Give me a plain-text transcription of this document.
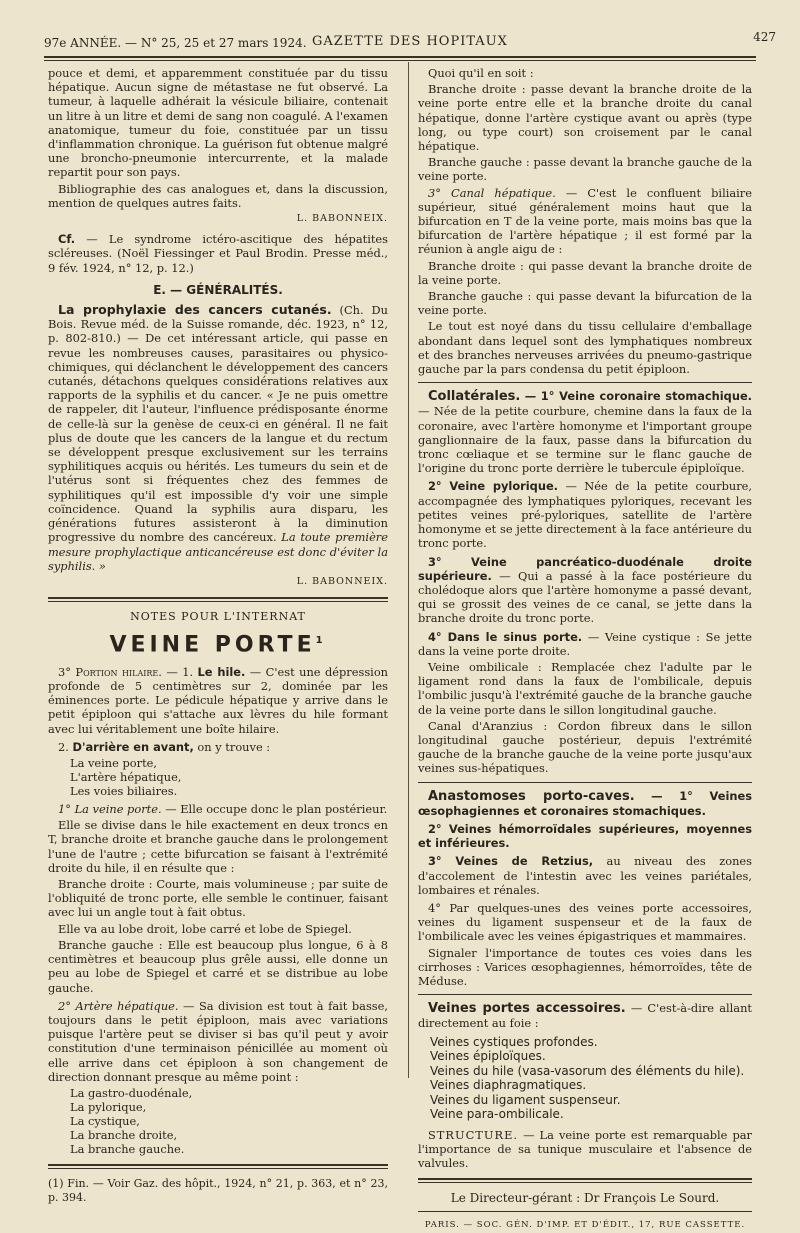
97e ANNÉE. — N° 25, 25 et 27 mars 1924. GAZETTE DES HOPITAUX	427

pouce et demi, et apparemment constituée par du tissu hépatique. Aucun signe de métastase ne fut observé. La tumeur, à laquelle adhérait la vésicule biliaire, contenait un litre à un litre et demi de sang non coagulé. A l'examen anatomique, tumeur du foie, constituée par un tissu d'inflammation chronique. La guérison fut obtenue malgré une broncho-pneumonie intercurrente, et la malade repartit pour son pays.

Bibliographie des cas analogues et, dans la discussion, mention de quelques autres faits.

L. BABONNEIX.

Cf. — Le syndrome ictéro-ascitique des hépatites scléreuses. (Noël Fiessinger et Paul Brodin. Presse méd., 9 fév. 1924, n° 12, p. 12.)

E. — GÉNÉRALITÉS.

La prophylaxie des cancers cutanés. (Ch. Du Bois. Revue méd. de la Suisse romande, déc. 1923, n° 12, p. 802-810.) — De cet intéressant article, qui passe en revue les nombreuses causes, parasitaires ou physico-chimiques, qui déclanchent le développement des cancers cutanés, détachons quelques considérations relatives aux rapports de la syphilis et du cancer. « Je ne puis omettre de rappeler, dit l'auteur, l'influence prédisposante énorme de celle-là sur la genèse de ceux-ci en général. Il ne fait plus de doute que les cancers de la langue et du rectum se développent presque exclusivement sur les terrains syphilitiques acquis ou hérités. Les tumeurs du sein et de l'utérus sont si fréquentes chez des femmes de syphilitiques qu'il est impossible d'y voir une simple coïncidence. Quand la syphilis aura disparu, les générations futures assisteront à la diminution progressive du nombre des cancéreux. La toute première mesure prophylactique anticancéreuse est donc d'éviter la syphilis. »

L. BABONNEIX.
NOTES POUR L'INTERNAT
VEINE PORTE$^1$

3° Portion hilaire. — 1. Le hile. — C'est une dépression profonde de 5 centimètres sur 2, dominée par les éminences porte. Le pédicule hépatique y arrive dans le petit épiploon qui s'attache aux lèvres du hile formant avec lui véritablement une boîte hilaire.

2. D'arrière en avant, on y trouve :

La veine porte,
L'artère hépatique,
Les voies biliaires.

1° La veine porte. — Elle occupe donc le plan postérieur.

Elle se divise dans le hile exactement en deux troncs en T, branche droite et branche gauche dans le prolongement l'une de l'autre ; cette bifurcation se faisant à l'extrémité droite du hile, il en résulte que :

Branche droite : Courte, mais volumineuse ; par suite de l'obliquité de tronc porte, elle semble le continuer, faisant avec lui un angle tout à fait obtus.

Elle va au lobe droit, lobe carré et lobe de Spiegel.

Branche gauche : Elle est beaucoup plus longue, 6 à 8 centimètres et beaucoup plus grêle aussi, elle donne un peu au lobe de Spiegel et carré et se distribue au lobe gauche.

2° Artère hépatique. — Sa division est tout à fait basse, toujours dans le petit épiploon, mais avec variations puisque l'artère peut se diviser si bas qu'il peut y avoir constitution d'une terminaison pénicillée au moment où elle arrive dans cet épiploon à son changement de direction donnant presque au même point :

La gastro-duodénale,
La pylorique,
La cystique,
La branche droite,
La branche gauche.
(1) Fin. — Voir Gaz. des hôpit., 1924, n° 21, p. 363, et n° 23, p. 394.

Quoi qu'il en soit :

Branche droite : passe devant la branche droite de la veine porte entre elle et la branche droite du canal hépatique, donne l'artère cystique avant ou après (type long, ou type court) son croisement par le canal hépatique.

Branche gauche : passe devant la branche gauche de la veine porte.

3° Canal hépatique. — C'est le confluent biliaire supérieur, situé généralement moins haut que la bifurcation en T de la veine porte, mais moins bas que la bifurcation de l'artère hépatique ; il est formé par la réunion à angle aigu de :

Branche droite : qui passe devant la branche droite de la veine porte.

Branche gauche : qui passe devant la bifurcation de la veine porte.

Le tout est noyé dans du tissu cellulaire d'emballage abondant dans lequel sont des lymphatiques nombreux et des branches nerveuses arrivées du pneumo-gastrique gauche par la pars condensa du petit épiploon.

Collatérales. — 1° Veine coronaire stomachique. — Née de la petite courbure, chemine dans la faux de la coronaire, avec l'artère homonyme et l'important groupe ganglionnaire de la faux, passe dans la bifurcation du tronc cœliaque et se termine sur le flanc gauche de l'origine du tronc porte derrière le tubercule épiploïque.

2° Veine pylorique. — Née de la petite courbure, accompagnée des lymphatiques pyloriques, recevant les petites veines pré-pyloriques, satellite de l'artère homonyme et se jette directement à la face antérieure du tronc porte.

3° Veine pancréatico-duodénale droite supérieure. — Qui a passé à la face postérieure du cholédoque alors que l'artère homonyme a passé devant, qui se grossit des veines de ce canal, se jette dans la branche droite du tronc porte.

4° Dans le sinus porte. — Veine cystique : Se jette dans la veine porte droite.

Veine ombilicale : Remplacée chez l'adulte par le ligament rond dans la faux de l'ombilicale, depuis l'ombilic jusqu'à l'extrémité gauche de la branche gauche de la veine porte dans le sillon longitudinal gauche.

Canal d'Aranzius : Cordon fibreux dans le sillon longitudinal gauche postérieur, depuis l'extrémité gauche de la branche gauche de la veine porte jusqu'aux veines sus-hépatiques.

Anastomoses porto-caves. — 1° Veines œsophagiennes et coronaires stomachiques.

2° Veines hémorroïdales supérieures, moyennes et inférieures.

3° Veines de Retzius, au niveau des zones d'accolement de l'intestin avec les veines pariétales, lombaires et rénales.

4° Par quelques-unes des veines porte accessoires, veines du ligament suspenseur et de la faux de l'ombilicale avec les veines épigastriques et mammaires.

Signaler l'importance de toutes ces voies dans les cirrhoses : Varices œsophagiennes, hémorroïdes, tête de Méduse.

Veines portes accessoires. — C'est-à-dire allant directement au foie :

Veines cystiques profondes.
Veines épiploïques.
Veines du hile (vasa-vasorum des éléments du hile).
Veines diaphragmatiques.
Veines du ligament suspenseur.
Veine para-ombilicale.

STRUCTURE. — La veine porte est remarquable par l'importance de sa tunique musculaire et l'absence de valvules.

Le Directeur-gérant : Dr François Le Sourd.
PARIS. — SOC. GÉN. D'IMP. ET D'ÉDIT., 17, RUE CASSETTE.
